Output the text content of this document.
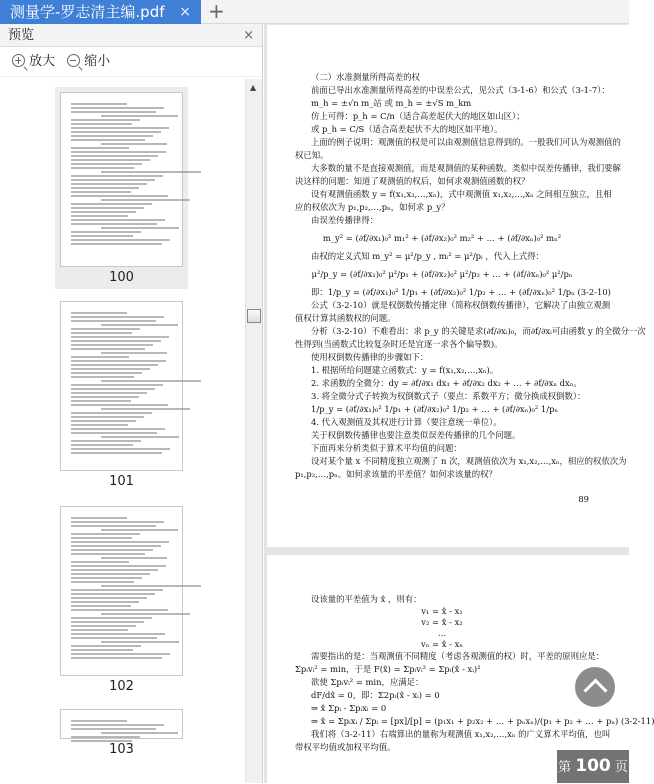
测量学-罗志清主编.pdf × +
预览	×
放大 缩小
100
101
102
103
▲

（二）水准测量所得高差的权

前面已导出水准测量所得高差的中误差公式，见公式（3-1-6）和公式（3-1-7）：

m_h = ±√n m_站 或 m_h = ±√S m_km

仿上可得：p_h = C/n（适合高差起伏大的地区如山区）；

或 p_h = C/S（适合高差起伏不大的地区如平地）。

上面的例子说明：观测值的权是可以由观测值信息得到的。一般我们可认为观测值的

权已知。

大多数的量不是直接观测值，而是观测值的某种函数。类似中误差传播律，我们要解

决这样的问题：知道了观测值的权后，如何求观测值函数的权？

设有观测值函数 y = f(x₁,x₂,…,xₙ)，式中观测值 x₁,x₂,…,xₙ 之间相互独立，且相

应的权依次为 p₁,p₂,…,pₙ，如何求 p_y？

由误差传播律得：

m_y² = (∂f/∂x₁)₀² m₁² + (∂f/∂x₂)₀² m₂² + … + (∂f/∂xₙ)₀² mₙ²

由权的定义式知 m_y² = μ²/p_y , mᵢ² = μ²/pᵢ ，代入上式得：

μ²/p_y = (∂f/∂x₁)₀² μ²/p₁ + (∂f/∂x₂)₀² μ²/p₂ + … + (∂f/∂xₙ)₀² μ²/pₙ

即：1/p_y = (∂f/∂x₁)₀² 1/p₁ + (∂f/∂x₂)₀² 1/p₂ + … + (∂f/∂xₙ)₀² 1/pₙ (3-2-10)

公式（3-2-10）就是权倒数传播定律（简称权倒数传播律），它解决了由独立观测

值权计算其函数权的问题。

分析（3-2-10）不难看出：求 p_y 的关键是求(∂f/∂xᵢ)₀，而∂f/∂xᵢ可由函数 y 的全微分一次

性得到(当函数式比较复杂时还是宜逐一求各个偏导数)。

使用权倒数传播律的步骤如下：

1. 根据所给问题建立函数式：y = f(x₁,x₂,…,xₙ)。

2. 求函数的全微分：dy = ∂f/∂x₁ dx₁ + ∂f/∂x₂ dx₂ + … + ∂f/∂xₙ dxₙ。

3. 将全微分式子转换为权倒数式子（要点：系数平方；微分换成权倒数）：

1/p_y = (∂f/∂x₁)₀² 1/p₁ + (∂f/∂x₂)₀² 1/p₂ + … + (∂f/∂xₙ)₀² 1/pₙ

4. 代入观测值及其权进行计算（要注意统一单位）。

关于权倒数传播律也要注意类似误差传播律的几个问题。

下面再来分析类似于算术平均值的问题：

设对某个量 x 不同精度独立观测了 n 次，观测值依次为 x₁,x₂,…,xₙ，相应的权依次为

p₁,p₂,…,pₙ。如何求该量的平差值？如何求该量的权？

89

设该量的平差值为 x̂ ，则有：

v₁ = x̂ - x₁

v₂ = x̂ - x₂

…

vₙ = x̂ - xₙ

需要指出的是：当观测值不同精度（考虑各观测值的权）时，平差的原则应是：

Σpᵢvᵢ² = min，于是 F(x̂) = Σpᵢvᵢ² = Σpᵢ(x̂ - xᵢ)²

欲使 Σpᵢvᵢ² = min，应满足：

dF/dx̂ = 0，即：Σ2pᵢ(x̂ - xᵢ) = 0

⇒ x̂ Σpᵢ - Σpᵢxᵢ = 0

⇒ x̂ = Σpᵢxᵢ / Σpᵢ = [px]/[p] = (p₁x₁ + p₂x₂ + … + pₙxₙ)/(p₁ + p₂ + … + pₙ) (3-2-11)

我们将（3-2-11）右端算出的量称为观测值 x₁,x₂,…,xₙ 的广义算术平均值，也叫

带权平均值或加权平均值。

第 100 页
